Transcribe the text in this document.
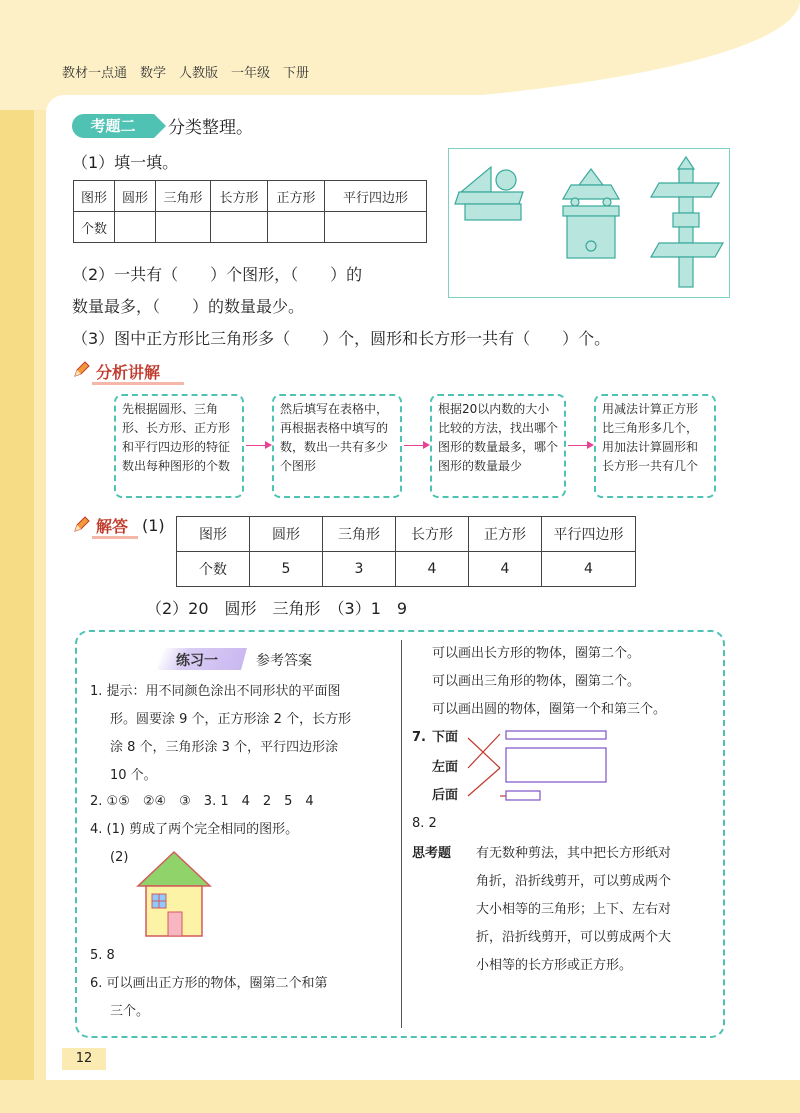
教材一点通　数学　人教版　一年级　下册
考题二	分类整理。
（1）填一填。
图形	圆形	三角形	长方形	正方形	平行四边形
个数					
（2）一共有（　　）个图形，（　　）的
数量最多，（　　）的数量最少。
（3）图中正方形比三角形多（　　）个，圆形和长方形一共有（　　）个。
分析讲解
先根据圆形、三角形、长方形、正方形和平行四边形的特征数出每种图形的个数
然后填写在表格中，再根据表格中填写的数，数出一共有多少个图形
根据20以内数的大小比较的方法，找出哪个图形的数量最多，哪个图形的数量最少
用减法计算正方形比三角形多几个，用加法计算圆形和长方形一共有几个
解答 (1) 图形	圆形	三角形	长方形	正方形	平行四边形
个数	5	3	4	4	4
（2）20　圆形　三角形　（3）1　9
练习一	参考答案
1. 提示：用不同颜色涂出不同形状的平面图
形。圆要涂 9 个，正方形涂 2 个，长方形
涂 8 个，三角形涂 3 个，平行四边形涂
10 个。
2. ①⑤　②④　③　3. 1　4　2　5　4
4. (1) 剪成了两个完全相同的图形。
(2)
5. 8
6. 可以画出正方形的物体，圈第二个和第
三个。
可以画出长方形的物体，圈第二个。
可以画出三角形的物体，圈第二个。
可以画出圆的物体，圈第一个和第三个。
7. 下面
左面
后面
8. 2
思考题 有无数种剪法，其中把长方形纸对
角折，沿折线剪开，可以剪成两个
大小相等的三角形；上下、左右对
折，沿折线剪开，可以剪成两个大
小相等的长方形或正方形。
12
